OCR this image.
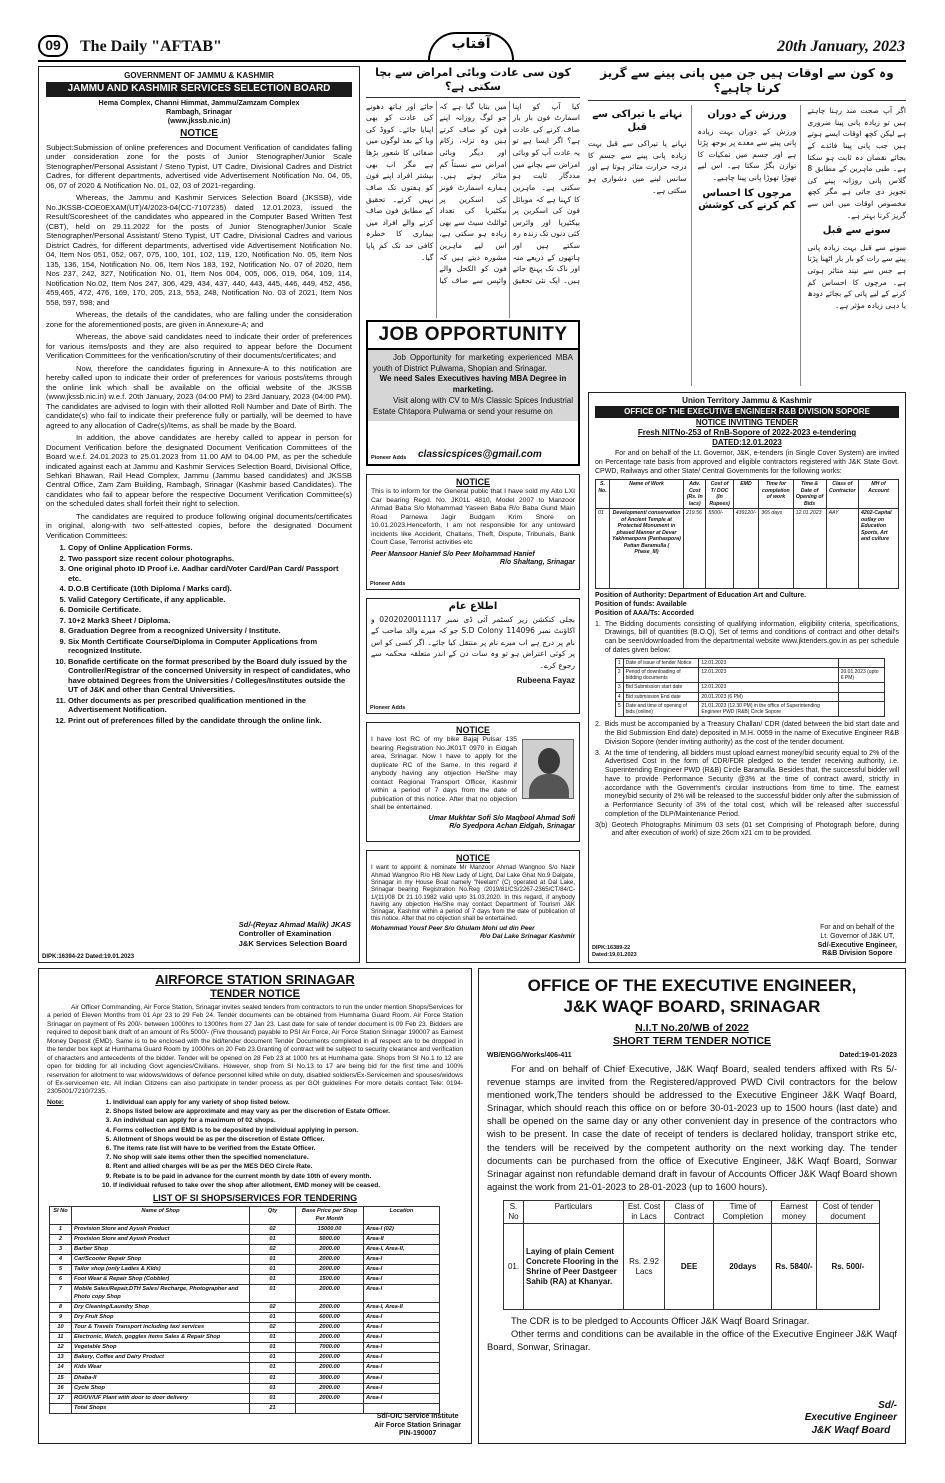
09	The Daily "AFTAB"	آفتاب	20th January, 2023
GOVERNMENT OF JAMMU & KASHMIR
JAMMU AND KASHMIR SERVICES SELECTION BOARD
Hema Complex, Channi Himmat, Jammu/Zamzam Complex
Rambagh, Srinagar
(www.jkssb.nic.in)
NOTICE

Subject:Submission of online preferences and Document Verification of candidates falling under consideration zone for the posts of Junior Stenographer/Junior Scale Stenographer/Personal Assistant / Steno Typist, UT Cadre, Divisional Cadres and District Cadres, for different departments, advertised vide Advertisement Notification No. 04, 05, 06, 07 of 2020 & Notification No. 01, 02, 03 of 2021-regarding.

Whereas, the Jammu and Kashmir Services Selection Board (JKSSB), vide No.JKSSB-COE0EXAM(UT)/4/2023-04(CC-7107235) dated 12.01.2023, issued the Result/Scoresheet of the candidates who appeared in the Computer Based Written Test (CBT), held on 29.11.2022 for the posts of Junior Stenographer/Junior Scale Stenographer/Personal Assistant/ Steno Typist, UT Cadre, Divisional Cadres and various District Cadres, for different departments, advertised vide Advertisement Notification No. 04, Item Nos 051, 052, 067, 075, 100, 101, 102, 119, 120, Notification No. 05, Item Nos 135, 136, 154, Notification No. 06, Item Nos 183, 192, Notification No. 07 of 2020, Item Nos 237, 242, 327, Notification No. 01, Item Nos 004, 005, 006, 019, 064, 109, 114, Notification No.02, Item Nos 247, 306, 429, 434, 437, 440, 443, 445, 446, 449, 452, 456, 459,465, 472, 476, 169, 170, 205, 213, 553, 248, Notification No. 03 of 2021, Item Nos 558, 597, 598; and

Whereas, the details of the candidates, who are falling under the consideration zone for the aforementioned posts, are given in Annexure-A; and

Whereas, the above said candidates need to indicate their order of preferences for various items/posts and they are also required to appear before the Document Verification Committees for the verification/scrutiny of their documents/certificates; and

Now, therefore the candidates figuring in Annexure-A to this notification are hereby called upon to indicate their order of preferences for various posts/items through the online link which shall be available on the official website of the JKSSB (www.jkssb.nic.in) w.e.f. 20th January, 2023 (04:00 PM) to 23rd January, 2023 (04:00 PM). The candidates are advised to login with their allotted Roll Number and Date of Birth. The candidate(s) who fail to indicate their preference fully or partially, will be deemed to have agreed to any allocation of Cadre(s)/Items, as shall be made by the Board.

In addition, the above candidates are hereby called to appear in person for Document Verification before the designated Document Verification Committees of the Board w.e.f. 24.01.2023 to 25.01.2023 from 11.00 AM to 04.00 PM, as per the schedule indicated against each at Jammu and Kashmir Services Selection Board, Divisional Office, Sehkari Bhawan, Rail Head Complex, Jammu (Jammu based candidates) and JKSSB Central Office, Zam Zam Building, Rambagh, Srinagar (Kashmir based Candidates). The candidates who fail to appear before the respective Document Verification Committee(s) on the scheduled dates shall forfeit their right to selection.

The candidates are required to produce following original documents/certificates in original, along-with two self-attested copies, before the designated Document Verification Committees:

1. Copy of Online Application Forms.
2. Two passport size recent colour photographs.
3. One original photo ID Proof i.e. Aadhar card/Voter Card/Pan Card/ Passport etc.
4. D.O.B Certificate (10th Diploma / Marks card).
5. Valid Category Certificate, if any applicable.
6. Domicile Certificate.
7. 10+2 Mark3 Sheet / Diploma.
8. Graduation Degree from a recognized University / Institute.
9. Six Month Certificate Course/Diploma in Computer Applications from recognized Institute.
10. Bonafide certificate on the format prescribed by the Board duly issued by the Controller/Registrar of the concerned University in respect of candidates, who have obtained Degrees from the Universities / Colleges/Institutes outside the UT of J&K and other than Central Universities.
11. Other documents as per prescribed qualification mentioned in the Advertisement Notification.
12. Print out of preferences filled by the candidate through the online link.
Sd/-(Reyaz Ahmad Malik) JKAS
Controller of Examination
J&K Services Selection Board
DIPK:16394-22 Dated:19.01.2023
کون سی عادت وبائی امراض سے بچا سکتی ہے؟
کیا آپ کو اپنا اسمارٹ فون بار بار صاف کرنے کی عادت ہے؟ اگر ایسا ہے تو یہ عادت آپ کو وبائی امراض سے بچانے میں مددگار ثابت ہو سکتی ہے۔ ماہرین کا کہنا ہے کہ موبائل فون کی اسکرین پر بیکٹیریا اور وائرس کئی دنوں تک زندہ رہ سکتے ہیں اور ہاتھوں کے ذریعے منہ اور ناک تک پہنچ جاتے ہیں۔ ایک نئی تحقیق میں بتایا گیا ہے کہ جو لوگ روزانہ اپنے فون کو صاف کرتے ہیں وہ نزلہ، زکام اور دیگر وبائی امراض سے نسبتاً کم متاثر ہوتے ہیں۔ ہمارے اسمارٹ فونز کی اسکرین پر بیکٹیریا کی تعداد ٹوائلٹ سیٹ سے بھی زیادہ ہو سکتی ہے، اس لیے ماہرین مشورہ دیتے ہیں کہ فون کو الکحل والے وائپس سے صاف کیا جائے اور ہاتھ دھونے کی عادت کو بھی اپنایا جائے۔ کووڈ کی وبا کے بعد لوگوں میں صفائی کا شعور بڑھا ہے مگر اب بھی بیشتر افراد اپنے فون کو ہفتوں تک صاف نہیں کرتے۔ تحقیق کے مطابق فون صاف کرنے والے افراد میں بیماری کا خطرہ کافی حد تک کم پایا گیا۔
وہ کون سے اوقات ہیں جن میں پانی پینے سے گریز کرنا چاہیے؟
اگر آپ صحت مند رہنا چاہتے ہیں تو زیادہ پانی پینا ضروری ہے لیکن کچھ اوقات ایسے ہوتے ہیں جب پانی پینا فائدے کے بجائے نقصان دہ ثابت ہو سکتا ہے۔ طبی ماہرین کے مطابق 8 گلاس پانی روزانہ پینے کی تجویز دی جاتی ہے مگر کچھ مخصوص اوقات میں اس سے گریز کرنا بہتر ہے۔
سونے سے قبل
سونے سے قبل بہت زیادہ پانی پینے سے رات کو بار بار اٹھنا پڑتا ہے جس سے نیند متاثر ہوتی ہے۔ مرچوں کا احساس کم کرنے کے لیے پانی کے بجائے دودھ یا دہی زیادہ مؤثر ہے۔
ورزش کے دوران
ورزش کے دوران بہت زیادہ پانی پینے سے معدے پر بوجھ پڑتا ہے اور جسم میں نمکیات کا توازن بگڑ سکتا ہے۔ اس لیے تھوڑا تھوڑا پانی پینا چاہیے۔
مرچوں کا احساس کم کرنے کی کوشش
نہانے یا تیراکی سے قبل
نہانے یا تیراکی سے قبل بہت زیادہ پانی پینے سے جسم کا درجہ حرارت متاثر ہوتا ہے اور سانس لینے میں دشواری ہو سکتی ہے۔
JOB OPPORTUNITY
Job Opportunity for marketing experienced MBA youth of District Pulwama, Shopian and Srinagar.
We need Sales Executives having MBA Degree in marketing.
Visit along with CV to M/s Classic Spices Industrial Estate Chtapora Pulwama or send your resume on
classicspices@gmail.com
Pioneer Adds
NOTICE
This is to inform for the General public that I have sold my Alto LXI Car bearing Regd. No. JK01L 4810, Model 2007 to Manzoor Ahmad Baba S/o Mohammad Yaseen Baba R/o Baba Gund Main Road Parnewa Jagir Budgam Krim Shore on 10.01.2023.Henceforth, I am not responsible for any untoward incidents like Accident, Challans, Theft, Dispute, Tribunals, Bank Court Case, Terrorist activities etc
Peer Mansoor Hanief S/o Peer Mohammad Hanief
R/o Shaltang, Srinagar
Pioneer Adds
اطلاع عام
بجلی کنکشن زیر کسٹمر آئی ڈی نمبر 0202020011117 و اکاؤنٹ نمبر 114096 S.D Colony جو کہ میرے والد صاحب کے نام پر درج ہے اب میرے نام پر منتقل کیا جائے۔ اگر کسی کو اس پر کوئی اعتراض ہو تو وہ سات دن کے اندر متعلقہ محکمہ سے رجوع کرے۔
Rubeena Fayaz
Pioneer Adds
NOTICE
I have lost RC of my bike Bajaj Pulsar 135 bearing Registration No.JK01T 0970 in Eidgah area, Srinagar. Now I have to apply for the duplicate RC of the Same. In this regard if anybody having any objection He/She may contact Regional Transport Officer, Kashmir within a period of 7 days from the date of publication of this notice. After that no objection shall be entertained.
Umar Mukhtar Sofi S/o Maqbool Ahmad Sofi
R/o Syedpora Achan Eidgah, Srinagar
NOTICE
I want to appoint & nominate Mr Manzoor Ahmad Wangnoo S/o Nazir Ahmad Wangnoo R/o HB New Lady of Light, Dal Lake Ghat No.9 Dalgate, Srinagar in my House Boat namely "Neelam" (C) operated at Dal Lake, Srinagar bearing Registration No.Reg /2019/81/CS/2267-2365/CT/84/C-1/(11)/08 Dt 21.10.1982 valid upto 31.03.2020. In this regard, if anybody having any objection He/She may contact Department of Tourism J&K Srinagar, Kashmir within a period of 7 days from the date of publication of this notice. After that no objection shall be entertained.
Mohammad Yousf Peer S/o Ghulam Mohi ud din Peer
R/o Dal Lake Srinagar Kashmir
Union Territory Jammu & Kashmir
OFFICE OF THE EXECUTIVE ENGINEER R&B DIVISION SOPORE
NOTICE INVITING TENDER
Fresh NITNo-253 of RnB-Sopore of 2022-2023 e-tendering
DATED:12.01.2023
For and on behalf of the Lt. Governor, J&K, e-tenders (in Single Cover System) are invited on Percentage rate basis from approved and eligible contractors registered with J&K State Govt. CPWD, Railways and other State/ Central Governments for the following works:
S. No.	Name of Work	Adv. Cost (Rs. In lacs)	Cost of T/ DOC (In Rupees)	EMD	Time for completion of work	Time & Date of Opening of Bids	Class of Contractor	MH of Account
01	Development/ conservation of Ancient Temple at Protected Monument in phased Manner at Devar Yakhmanpora (Panhaspora) Pattan Baramulla ( Phase_III)	219.56	5500/-	439120/-	365 days	12.01.2023	AAY	4202-Capital outlay on Education Sports, Art and culture
Position of Authority: Department of Education Art and Culture.
Position of funds: Available
Position of AAA/Ts: Accorded
1. The Bidding documents consisting of qualifying information, eligibility criteria, specifications, Drawings, bill of quantities (B.O.Q), Set of terms and conditions of contract and other detail's can be seen/downloaded from the departmental website www.jktenders.gov.in as per schedule of dates given below:
1	Date of issue of tender Notice	12.01.2023	
2	Period of downloading of bidding documents	12.01.2023	20.01.2023 (upto 6 PM)
3	Bid Submission start date	12.01.2023	
4	Bid submission End date	20.01.2023 (6 PM)	
5	Date and time of opening of bids (online)	21.01.2023 (12.30 PM) in the office of Superintending Engineer PWD (R&B) Circle Sopore	
2. Bids must be accompanied by a Treasury Challan/ CDR (dated between the bid start date and the Bid Submission End date) deposited in M.H. 0059 in the name of Executive Engineer R&B Division Sopore (tender inviting authority) as the cost of the tender document.
3. At the time of tendering, all bidders must upload earnest money/bid security equal to 2% of the Advertised Cost in the form of CDR/FDR pledged to the tender receiving authority, i.e. Superintending Engineer PWD (R&B) Circle Baramulla. Besides that, the successful bidder will have to provide Performance Security @3% at the time of contract award, strictly in accordance with the Government's circular instructions from time to time. The earnest money/bid security of 2% will be released to the successful bidder only after the submission of a Performance Security of 3% of the total cost, which will be released after successful completion of the DLP/Maintenance Period.
3(b) Geotech Photographs Minimum 03 sets (01 set Comprising of Photograph before, during and after execution of work) of size 26cm x21 cm to be provided.
For and on behalf of the
Lt. Governor of J&K UT,
Sd/-Executive Engineer,
R&B Division Sopore
DIPK:16389-22 Dated:19.01.2023
AIRFORCE STATION SRINAGAR
TENDER NOTICE
Air Officer Commanding, Air Force Station, Srinagar invites sealed tenders from contractors to run the under mention Shops/Services for a period of Eleven Months from 01 Apr 23 to 29 Feb 24. Tender documents can be obtained from Humhama Guard Room. Air Force Station Srinagar on payment of Rs 200/- between 1000hrs to 1300hrs from 27 Jan 23. Last date for sale of tender document is 09 Feb 23. Bidders are required to deposit bank draft of an amount of Rs 5000/- (Five thousand) payable to PSI Air Force, Air Force Station Srinagar 190007 as Earnest Money Deposit (EMD). Same is to be enclosed with the bid/tender document Tender Documents completed in all respect are to be dropped in the tender box kept at Humhama Guard Room by 1000hrs on 20 Feb 23.Granting of contract will be subject to security clearance and verification of characters and antecedents of the bidder. Tender will be opened on 28 Feb 23 at 1000 hrs at Humhama gate. Shops from SI No.1 to 12 are open for bidding for all including Govt agencies/Civilians. However, shop from SI No.13 to 17 are being bid for the first time and 100% reservation for allotment to war widows/widows of defence personnel killed while on duty, disabled soldiers/Ex-Servicemen and spouses/widows of Ex-servicemen etc. All Indian Citizens can also participate in tender process as per GOI guidelines For more details contact Tele: 0194-2305001/7210/7235.
Note:	1. Individual can apply for any variety of shop listed below.
2. Shops listed below are approximate and may vary as per the discretion of Estate Officer.
3. An individual can apply for a maximum of 02 shops.
4. Forms collection and EMD is to be deposited by individual applying in person.
5. Allotment of Shops would be as per the discretion of Estate Officer.
6. The items rate list will have to be verified from the Estate Officer.
7. No shop will sale items other then the specified nomenclature.
8. Rent and allied charges will be as per the MES DEO Circle Rate.
9. Rebate is to be paid in advance for the current month by date 10th of every month.
10. If individual refused to take over the shop after allotment, EMD money will be ceased.
LIST OF SI SHOPS/SERVICES FOR TENDERING
SI No	Name of Shop	Qty	Base Price per Shop Per Month	Location
1	Provision Store and Ayush Product	02	15000.00	Area-I (02)
2	Provision Store and Ayush Product	01	5000.00	Area-II
3	Barber Shop	02	2000.00	Area-I, Area-II,
4	Car/Scooter Repair Shop	01	2000.00	Area-I
5	Tailor shop (only Ladies & Kids)	01	2000.00	Area-I
6	Foot Wear & Repair Shop (Cobbler)	01	1500.00	Area-I
7	Mobile Sales/Repair,DTH Sales/ Recharge, Photographer and Photo copy Shop	01	2000.00	Area-I
8	Dry Cleaning/Laundry Shop	02	2000.00	Area-I, Area-II
9	Dry Fruit Shop	01	6000.00	Area-I
10	Tour & Travels Transport including taxi services	02	2000.00	Area-I
11	Electronic, Watch, goggles items Sales & Repair Shop	01	2000.00	Area-I
12	Vegetable Shop	01	7000.00	Area-I
13	Bakery, Coffee and Dairy Product	01	2000.00	Area-I
14	Kids Wear	01	2000.00	Area-I
15	Dhaba-II	01	3000.00	Area-I
16	Cycle Shop	01	2000.00	Area-I
17	RO/UV/UF Plant with door to door delivery	01	2000.00	Area-I
	Total Shops	21		
Sd/-OIC Service Institute
Air Force Station Srinagar
PIN-190007
OFFICE OF THE EXECUTIVE ENGINEER,
J&K WAQF BOARD, SRINAGAR
N.I.T No.20/WB of 2022
SHORT TERM TENDER NOTICE
WB/ENGG/Works/406-411	Dated:19-01-2023
For and on behalf of Chief Executive, J&K Waqf Board, sealed tenders affixed with Rs 5/- revenue stamps are invited from the Registered/approved PWD Civil contractors for the below mentioned work,The tenders should be addressed to the Executive Engineer J&K Waqf Board, Srinagar, which should reach this office on or before 30-01-2023 up to 1500 hours (last date) and shall be opened on the same day or any other convenient day in presence of the contractors who wish to be present. In case the date of receipt of tenders is declared holiday, transport strike etc, the tenders will be received by the competent authority on the next working day. The tender documents can be purchased from the office of Executive Engineer, J&K Waqf Board, Sonwar Srinagar against non refundable demand draft in favour of Accounts Officer J&K Waqf Board shown against the work from 21-01-2023 to 28-01-2023 (up to 1600 hours).
S. No	Particulars	Est. Cost in Lacs	Class of Contract	Time of Completion	Earnest money	Cost of tender document
01.	Laying of plain Cement Concrete Flooring in the Shrine of Peer Dastgeer Sahib (RA) at Khanyar.	Rs. 2.92 Lacs	DEE	20days	Rs. 5840/-	Rs. 500/-
The CDR is to be pledged to Accounts Officer J&K Waqf Board Srinagar.
Other terms and conditions can be available in the office of the Executive Engineer J&K Waqf Board, Sonwar, Srinagar.
Sd/-
Executive Engineer
J&K Waqf Board
